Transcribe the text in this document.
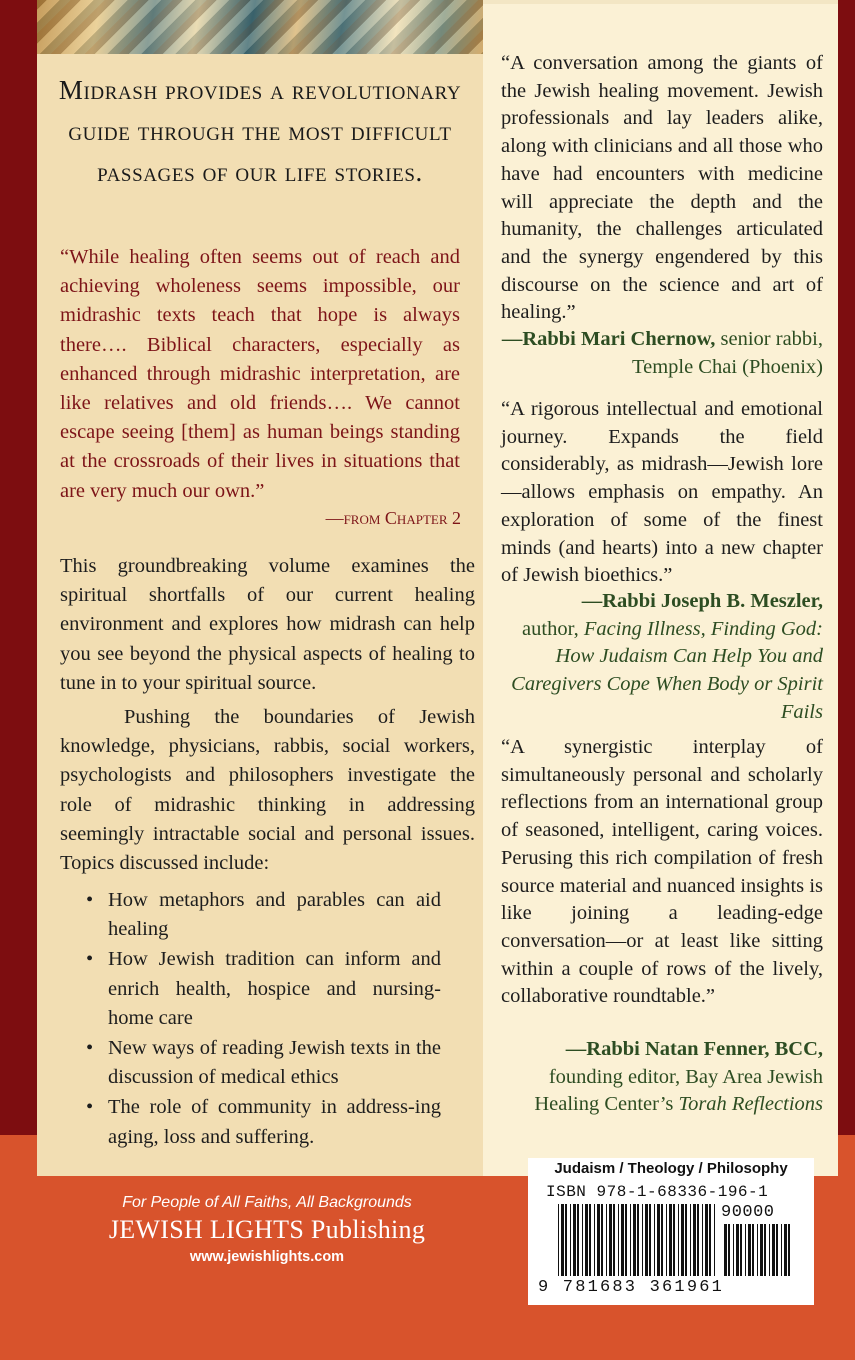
Midrash provides a revolutionary guide through the most difficult passages of our life stories.

“While healing often seems out of reach and achieving wholeness seems impossible, our midrashic texts teach that hope is always there…. Biblical characters, especially as enhanced through midrashic interpretation, are like relatives and old friends…. We cannot escape seeing [them] as human beings standing at the crossroads of their lives in situations that are very much our own.”

—from Chapter 2

This groundbreaking volume examines the spiritual shortfalls of our current healing environment and explores how midrash can help you see beyond the physical aspects of healing to tune in to your spiritual source.

Pushing the boundaries of Jewish knowledge, physicians, rabbis, social workers, psychologists and philosophers investigate the role of midrashic thinking in addressing seemingly intractable social and personal issues. Topics discussed include:

• How metaphors and parables can aid healing
• How Jewish tradition can inform and enrich health, hospice and nursing-home care
• New ways of reading Jewish texts in the discussion of medical ethics
• The role of community in address-ing aging, loss and suffering.

“A conversation among the giants of the Jewish healing movement. Jewish professionals and lay leaders alike, along with clinicians and all those who have had encounters with medicine will appreciate the depth and the humanity, the challenges articulated and the synergy engendered by this discourse on the science and art of healing.”

—Rabbi Mari Chernow, senior rabbi, Temple Chai (Phoenix)

“A rigorous intellectual and emotional journey. Expands the field considerably, as midrash—Jewish lore—allows emphasis on empathy. An exploration of some of the finest minds (and hearts) into a new chapter of Jewish bioethics.”

—Rabbi Joseph B. Meszler,
author, Facing Illness, Finding God: How Judaism Can Help You and Caregivers Cope When Body or Spirit Fails

“A synergistic interplay of simultaneously personal and scholarly reflections from an international group of seasoned, intelligent, caring voices. Perusing this rich compilation of fresh source material and nuanced insights is like joining a leading-edge conversation—or at least like sitting within a couple of rows of the lively, collaborative roundtable.”

—Rabbi Natan Fenner, BCC,
founding editor, Bay Area Jewish Healing Center’s Torah Reflections

For People of All Faiths, All Backgrounds
JEWISH LIGHTS Publishing
www.jewishlights.com
Judaism / Theology / Philosophy
ISBN 978-1-68336-196-1
90000
9 781683 361961
